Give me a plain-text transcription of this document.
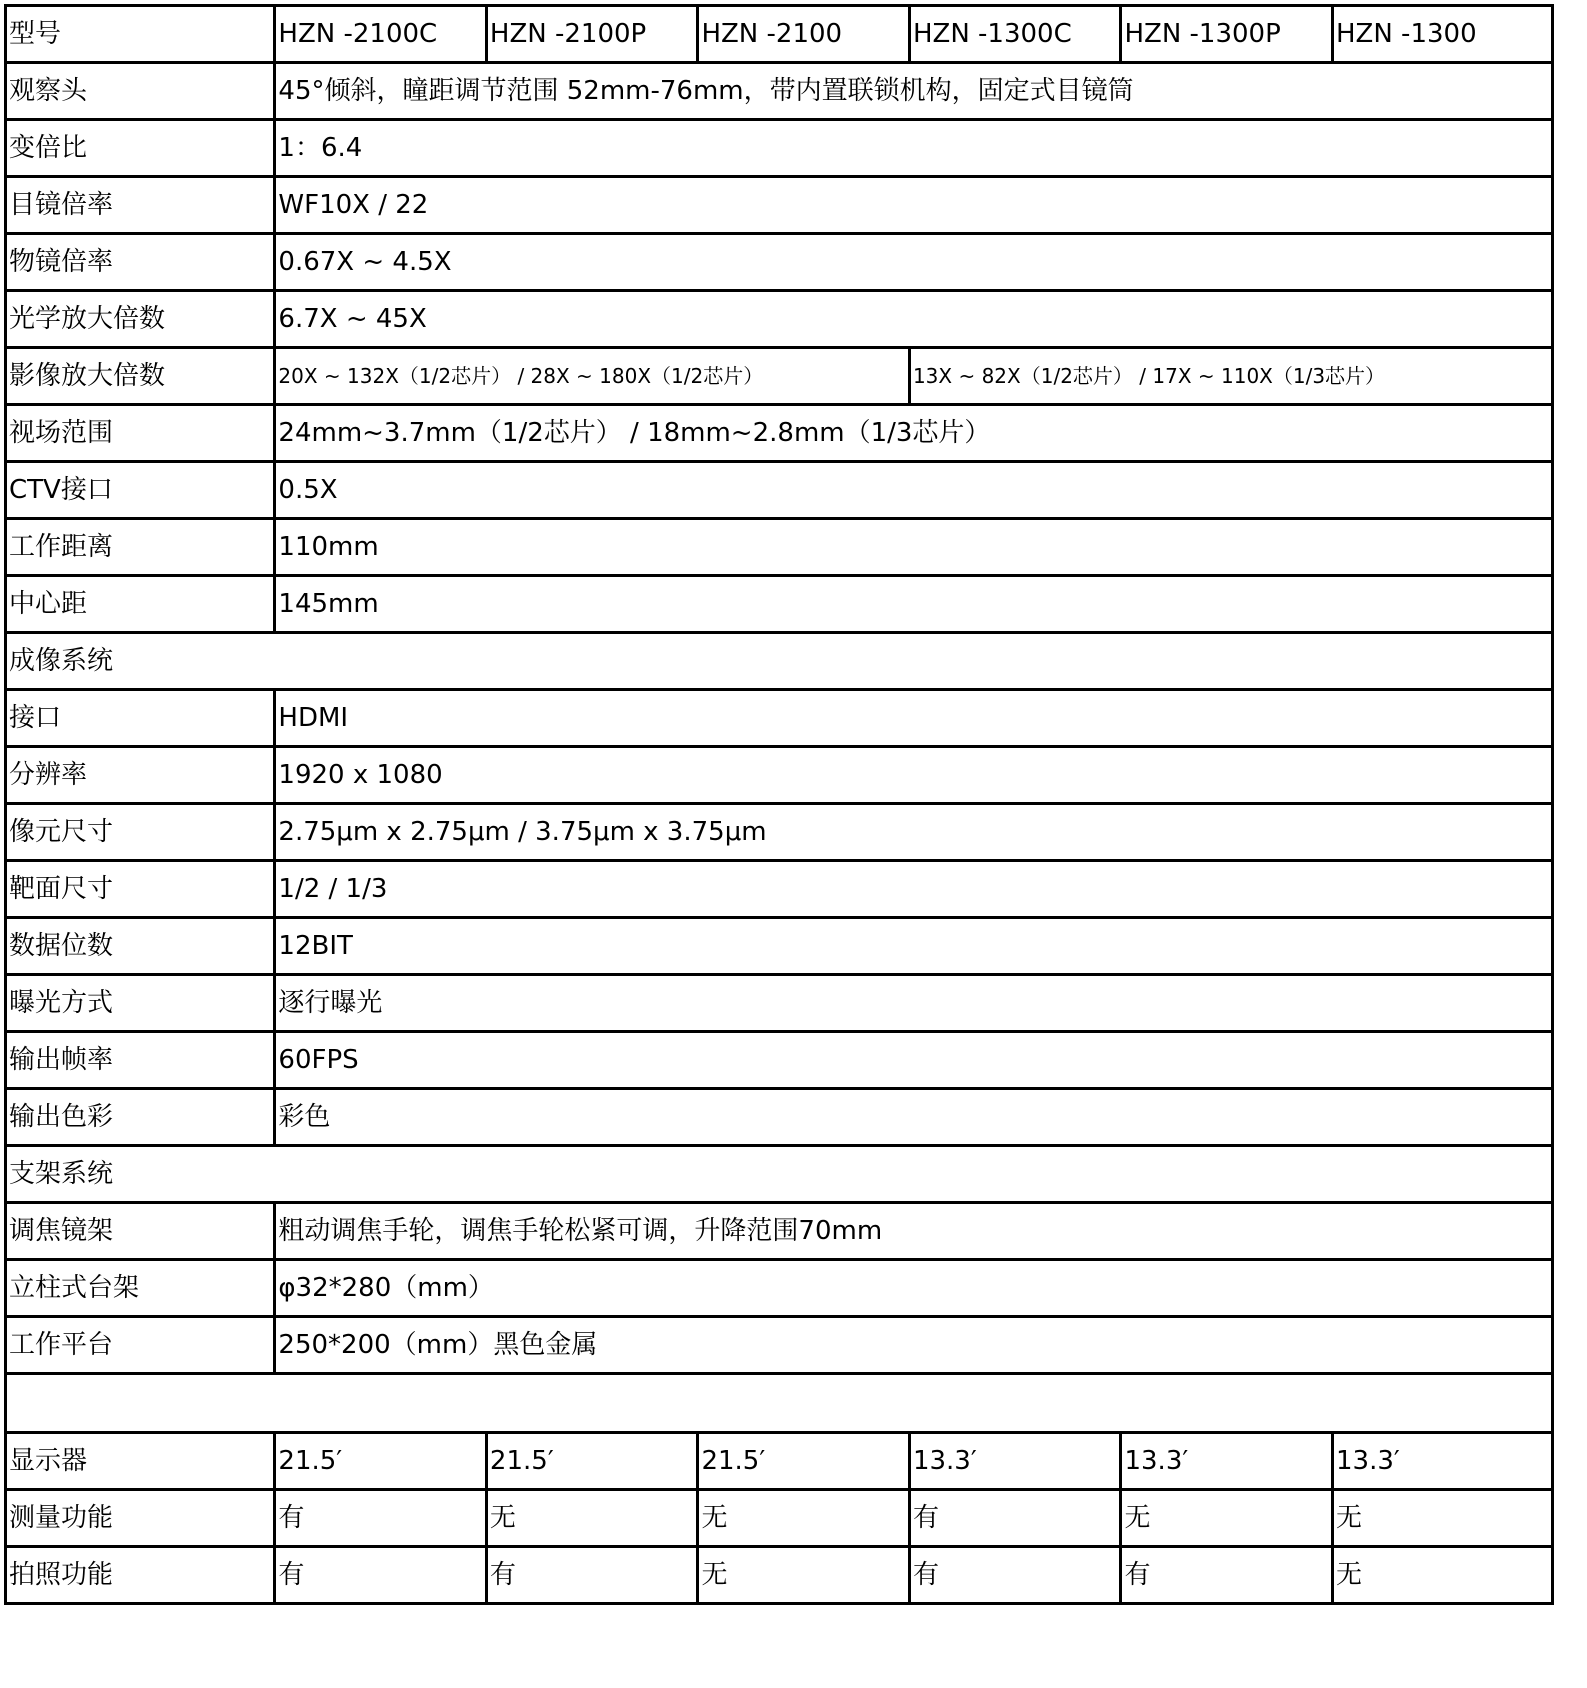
型号	HZN -2100C	HZN -2100P	HZN -2100	HZN -1300C	HZN -1300P	HZN -1300
观察头	45°倾斜，瞳距调节范围 52mm-76mm，带内置联锁机构，固定式目镜筒					
变倍比	1：6.4					
目镜倍率	WF10X / 22					
物镜倍率	0.67X ~ 4.5X					
光学放大倍数	6.7X ~ 45X					
影像放大倍数	20X ~ 132X（1/2芯片） / 28X ~ 180X（1/2芯片）			13X ~ 82X（1/2芯片） / 17X ~ 110X（1/3芯片）		
视场范围	24mm~3.7mm（1/2芯片） / 18mm~2.8mm（1/3芯片）					
CTV接口	0.5X					
工作距离	110mm					
中心距	145mm					
成像系统						
接口	HDMI					
分辨率	1920 x 1080					
像元尺寸	2.75μm x 2.75μm / 3.75μm x 3.75μm					
靶面尺寸	1/2 / 1/3					
数据位数	12BIT					
曝光方式	逐行曝光					
输出帧率	60FPS					
输出色彩	彩色					
支架系统						
调焦镜架	粗动调焦手轮，调焦手轮松紧可调，升降范围70mm					
立柱式台架	φ32*280（mm）					
工作平台	250*200（mm）黑色金属					

显示器	21.5′	21.5′	21.5′	13.3′	13.3′	13.3′
测量功能	有	无	无	有	无	无
拍照功能	有	有	无	有	有	无
